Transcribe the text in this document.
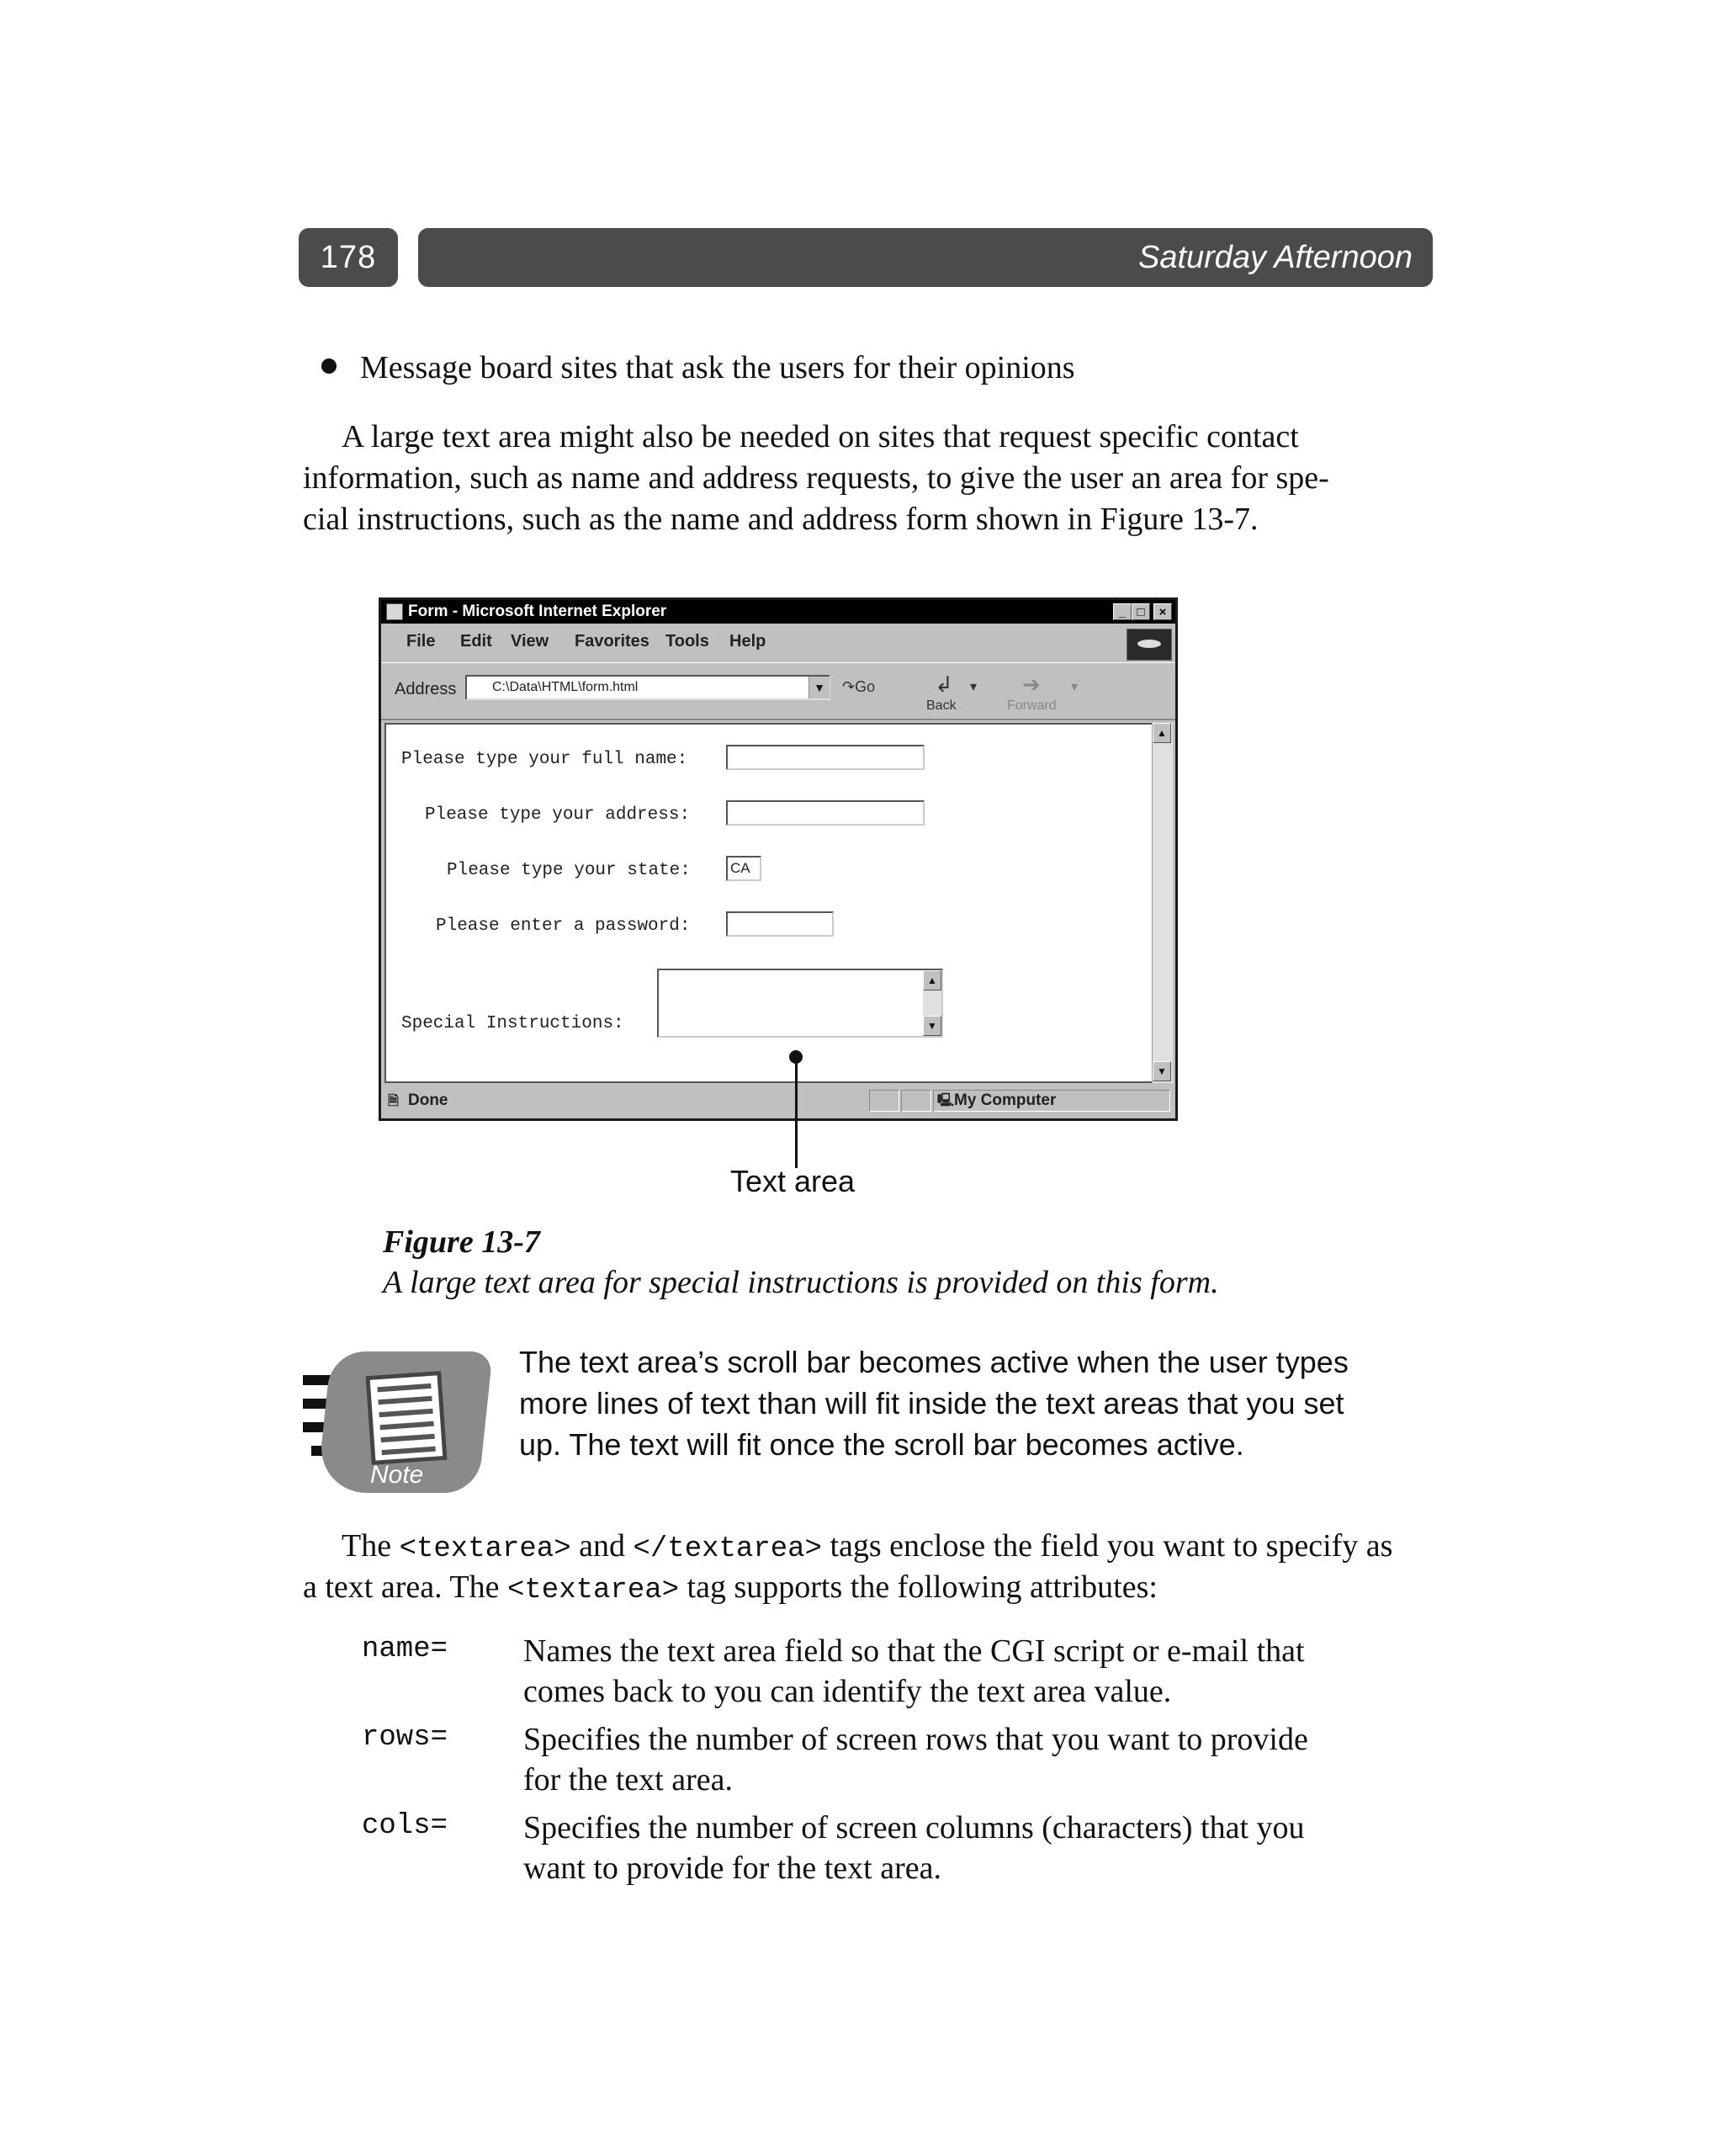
178	Saturday Afternoon
Message board sites that ask the users for their opinions
A large text area might also be needed on sites that request specific contact
information, such as name and address requests, to give the user an area for spe-
cial instructions, such as the name and address form shown in Figure 13-7.
Form - Microsoft Internet Explorer	_ □	×
File Edit View Favorites Tools Help
Address	C:\Data\HTML\form.html	▼ ↷Go	↲
Back
▾ ➔
Forward
▾
Please type your full name:
Please type your address:
Please type your state:	CA
Please enter a password:
Special Instructions:
▲
▼
▲
▼
🗎 Done	🖳 My Computer
Text area
Figure 13-7
A large text area for special instructions is provided on this form.
Note
The text area’s scroll bar becomes active when the user types
more lines of text than will fit inside the text areas that you set
up. The text will fit once the scroll bar becomes active.
The <textarea> and </textarea> tags enclose the field you want to specify as
a text area. The <textarea> tag supports the following attributes:
name= Names the text area field so that the CGI script or e-mail that
comes back to you can identify the text area value.
rows= Specifies the number of screen rows that you want to provide
for the text area.
cols= Specifies the number of screen columns (characters) that you
want to provide for the text area.
